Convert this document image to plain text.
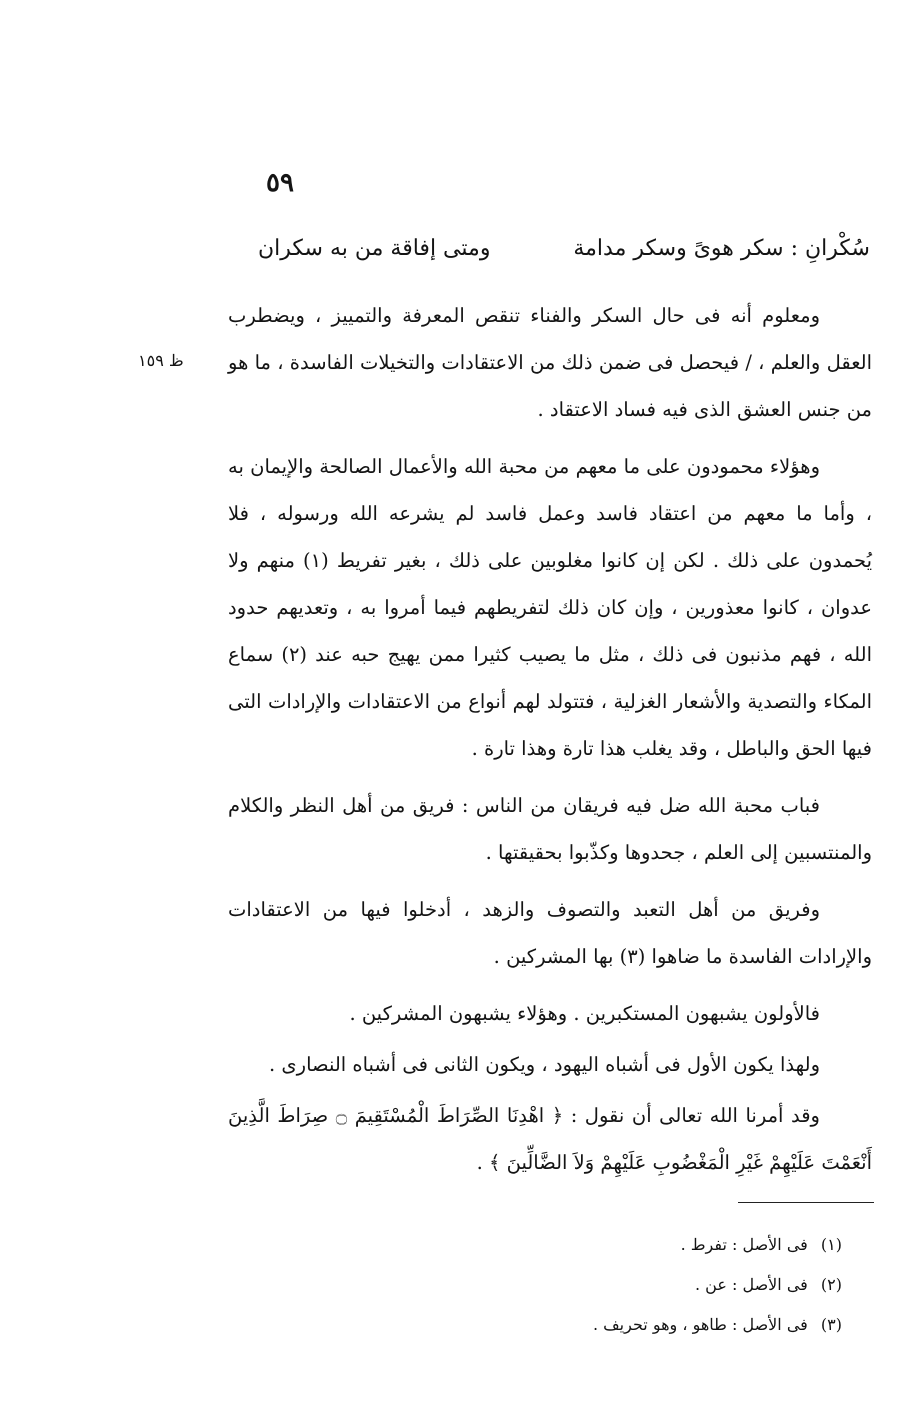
٥٩
سُكْرانِ : سكر هوىً وسكر مدامة
ومتى إفاقة من به سكران
ظ ١٥٩

ومعلوم أنه فى حال السكر والفناء تنقص المعرفة والتمييز ، ويضطرب العقل والعلم ، / فيحصل فى ضمن ذلك من الاعتقادات والتخيلات الفاسدة ، ما هو من جنس العشق الذى فيه فساد الاعتقاد .

وهؤلاء محمودون على ما معهم من محبة الله والأعمال الصالحة والإيمان به ، وأما ما معهم من اعتقاد فاسد وعمل فاسد لم يشرعه الله ورسوله ، فلا يُحمدون على ذلك . لكن إن كانوا مغلوبين على ذلك ، بغير تفريط (١) منهم ولا عدوان ، كانوا معذورين ، وإن كان ذلك لتفريطهم فيما أمروا به ، وتعديهم حدود الله ، فهم مذنبون فى ذلك ، مثل ما يصيب كثيرا ممن يهيج حبه عند (٢) سماع المكاء والتصدية والأشعار الغزلية ، فتتولد لهم أنواع من الاعتقادات والإرادات التى فيها الحق والباطل ، وقد يغلب هذا تارة وهذا تارة .

فباب محبة الله ضل فيه فريقان من الناس : فريق من أهل النظر والكلام والمنتسبين إلى العلم ، جحدوها وكذّبوا بحقيقتها .

وفريق من أهل التعبد والتصوف والزهد ، أدخلوا فيها من الاعتقادات والإرادات الفاسدة ما ضاهوا (٣) بها المشركين .

فالأولون يشبهون المستكبرين . وهؤلاء يشبهون المشركين .

ولهذا يكون الأول فى أشباه اليهود ، ويكون الثانى فى أشباه النصارى .

وقد أمرنا الله تعالى أن نقول : ﴿ اهْدِنَا الصِّرَاطَ الْمُسْتَقِيمَ ۝ صِرَاطَ الَّذِينَ أَنْعَمْتَ عَلَيْهِمْ غَيْرِ الْمَغْضُوبِ عَلَيْهِمْ وَلاَ الضَّالِّينَ ﴾ .

(١) فى الأصل : تفرط .
(٢) فى الأصل : عن .
(٣) فى الأصل : طاهو ، وهو تحريف .
